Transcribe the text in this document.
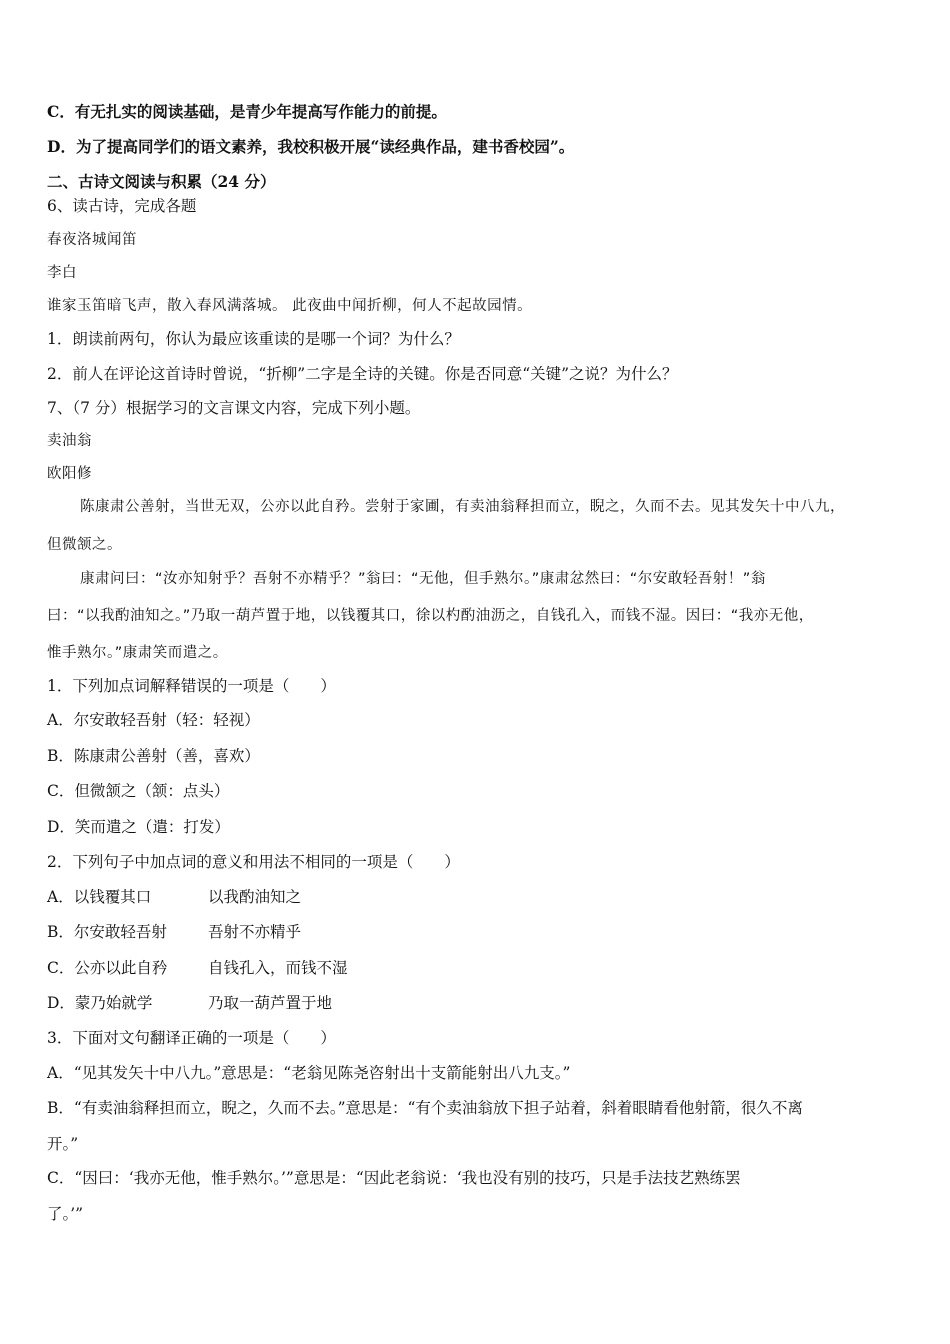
C．有无扎实的阅读基础，是青少年提高写作能力的前提。
D．为了提高同学们的语文素养，我校积极开展“读经典作品，建书香校园”。
二、古诗文阅读与积累（24 分）
6、读古诗，完成各题
春夜洛城闻笛
李白
谁家玉笛暗飞声，散入春风满落城。 此夜曲中闻折柳，何人不起故园情。
1．朗读前两句，你认为最应该重读的是哪一个词？为什么？
2．前人在评论这首诗时曾说，“折柳”二字是全诗的关键。你是否同意“关键”之说？为什么？
7、（7 分）根据学习的文言课文内容，完成下列小题。
卖油翁
欧阳修
陈康肃公善射，当世无双，公亦以此自矜。尝射于家圃，有卖油翁释担而立，睨之，久而不去。见其发矢十中八九，
但微颔之。
康肃问曰：“汝亦知射乎？吾射不亦精乎？”翁曰：“无他，但手熟尔。”康肃忿然曰：“尔安敢轻吾射！”翁
曰：“以我酌油知之。”乃取一葫芦置于地，以钱覆其口，徐以杓酌油沥之，自钱孔入，而钱不湿。因曰：“我亦无他，
惟手熟尔。”康肃笑而遣之。
1．下列加点词解释错误的一项是（　　）
A．尔安敢轻吾射（轻：轻视）
B．陈康肃公善射（善，喜欢）
C．但微颔之（颔：点头）
D．笑而遣之（遣：打发）
2．下列句子中加点词的意义和用法不相同的一项是（　　）
A．以钱覆其口	以我酌油知之
B．尔安敢轻吾射	吾射不亦精乎
C．公亦以此自矜	自钱孔入，而钱不湿
D．蒙乃始就学	乃取一葫芦置于地
3．下面对文句翻译正确的一项是（　　）
A．“见其发矢十中八九。”意思是：“老翁见陈尧咨射出十支箭能射出八九支。”
B．“有卖油翁释担而立，睨之，久而不去。”意思是：“有个卖油翁放下担子站着，斜着眼睛看他射箭，很久不离
开。”
C．“因曰：‘我亦无他，惟手熟尔。’”意思是：“因此老翁说：‘我也没有别的技巧，只是手法技艺熟练罢
了。’”
